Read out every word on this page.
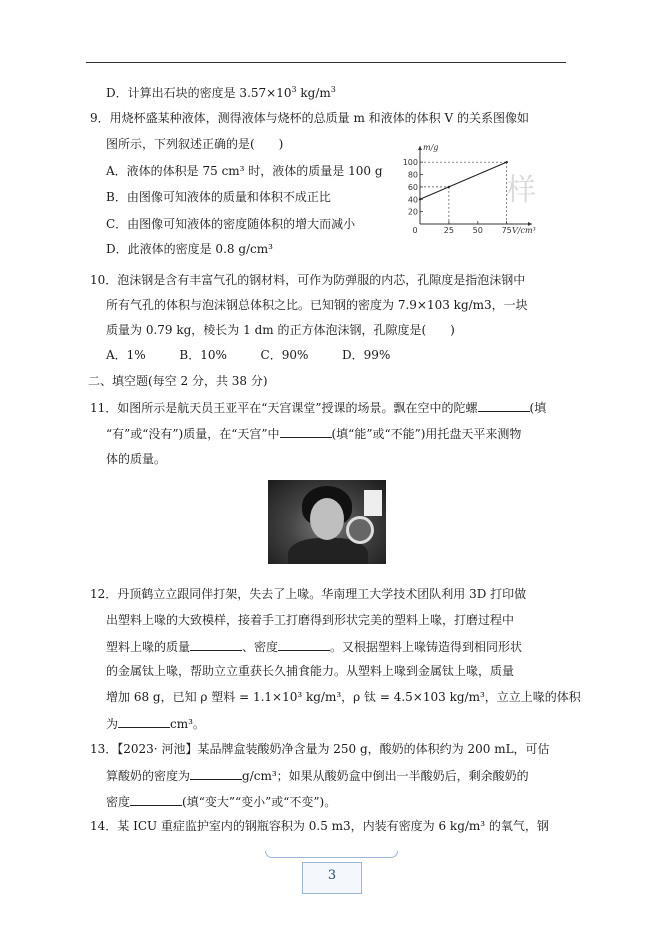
D．计算出石块的密度是 $3.57\times 10^3$ $kg/m^3$
9．用烧杯盛某种液体，测得液体与烧杯的总质量 m 和液体的体积 V 的关系图像如
图所示，下列叙述正确的是(　　)
A．液体的体积是 75 cm³ 时，液体的质量是 100 g
B．由图像可知液体的质量和体积不成正比
C．由图像可知液体的密度随体积的增大而减小
D．此液体的密度是 0.8 g/cm³
样
m/g
V/cm³
20
40
60
80
100
0	25 50 75
10．泡沫钢是含有丰富气孔的钢材料，可作为防弹服的内芯，孔隙度是指泡沫钢中
所有气孔的体积与泡沫钢总体积之比。已知钢的密度为 7.9×103 kg/m3，一块
质量为 0.79 kg，棱长为 1 dm 的正方体泡沫钢，孔隙度是(　　)
A．1%	B．10%	C．90%	D．99%
二、填空题(每空 2 分，共 38 分)
11．如图所示是航天员王亚平在“天宫课堂”授课的场景。飘在空中的陀螺	(填
“有”或“没有”)质量，在“天宫”中	(填“能”或“不能”)用托盘天平来测物
体的质量。
12．丹顶鹤立立跟同伴打架，失去了上喙。华南理工大学技术团队利用 3D 打印做
出塑料上喙的大致模样，接着手工打磨得到形状完美的塑料上喙，打磨过程中
塑料上喙的质量	、密度	。又根据塑料上喙铸造得到相同形状
的金属钛上喙，帮助立立重获长久捕食能力。从塑料上喙到金属钛上喙，质量
增加 68 g，已知 ρ 塑料 = 1.1×10³ kg/m³，ρ 钛 = 4.5×103 kg/m³，立立上喙的体积
为	cm³。
13．【2023· 河池】某品牌盒装酸奶净含量为 250 g，酸奶的体积约为 200 mL，可估
算酸奶的密度为	g/cm³；如果从酸奶盒中倒出一半酸奶后，剩余酸奶的
密度	(填“变大”“变小”或“不变”)。
14．某 ICU 重症监护室内的钢瓶容积为 0.5 m3，内装有密度为 6 kg/m³ 的氧气，钢
3
